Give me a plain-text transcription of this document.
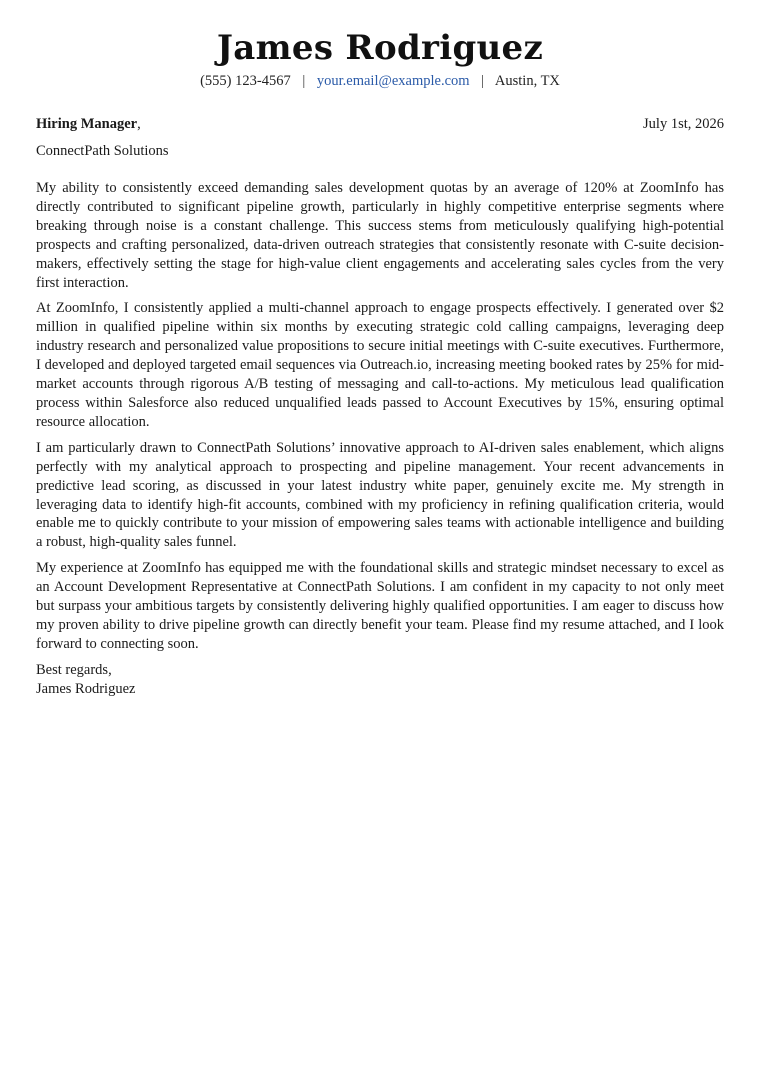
James Rodriguez
(555) 123-4567 | your.email@example.com | Austin, TX
Hiring Manager,	July 1st, 2026
ConnectPath Solutions

My ability to consistently exceed demanding sales development quotas by an average of 120% at ZoomInfo has directly contributed to significant pipeline growth, particularly in highly competitive enterprise segments where breaking through noise is a constant challenge. This success stems from meticulously qualifying high-potential prospects and crafting personalized, data-driven outreach strategies that consistently resonate with C-suite decision-makers, effectively setting the stage for high-value client engagements and accelerating sales cycles from the very first interaction.

At ZoomInfo, I consistently applied a multi-channel approach to engage prospects effectively. I generated over $2 million in qualified pipeline within six months by executing strategic cold calling campaigns, leveraging deep industry research and personalized value propositions to secure initial meetings with C-suite executives. Furthermore, I developed and deployed targeted email sequences via Outreach.io, increasing meeting booked rates by 25% for mid-market accounts through rigorous A/B testing of messaging and call-to-actions. My meticulous lead qualification process within Salesforce also reduced unqualified leads passed to Account Executives by 15%, ensuring optimal resource allocation.

I am particularly drawn to ConnectPath Solutions’ innovative approach to AI-driven sales enablement, which aligns perfectly with my analytical approach to prospecting and pipeline management. Your recent advancements in predictive lead scoring, as discussed in your latest industry white paper, genuinely excite me. My strength in leveraging data to identify high-fit accounts, combined with my proficiency in refining qualification criteria, would enable me to quickly contribute to your mission of empowering sales teams with actionable intelligence and building a robust, high-quality sales funnel.

My experience at ZoomInfo has equipped me with the foundational skills and strategic mindset necessary to excel as an Account Development Representative at ConnectPath Solutions. I am confident in my capacity to not only meet but surpass your ambitious targets by consistently delivering highly qualified opportunities. I am eager to discuss how my proven ability to drive pipeline growth can directly benefit your team. Please find my resume attached, and I look forward to connecting soon.

Best regards,
James Rodriguez
